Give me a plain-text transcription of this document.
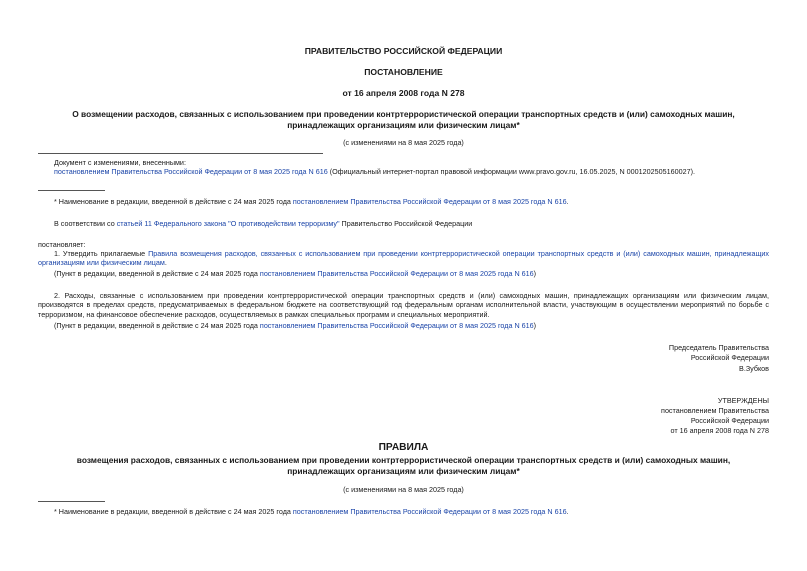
ПРАВИТЕЛЬСТВО РОССИЙСКОЙ ФЕДЕРАЦИИ
ПОСТАНОВЛЕНИЕ
от 16 апреля 2008 года N 278
О возмещении расходов, связанных с использованием при проведении контртеррористической операции транспортных средств и (или) самоходных машин,
принадлежащих организациям или физическим лицам*
(с изменениями на 8 мая 2025 года)
Документ с изменениями, внесенными:
постановлением Правительства Российской Федерации от 8 мая 2025 года N 616 (Официальный интернет-портал правовой информации www.pravo.gov.ru, 16.05.2025, N 0001202505160027).
* Наименование в редакции, введенной в действие с 24 мая 2025 года постановлением Правительства Российской Федерации от 8 мая 2025 года N 616.
В соответствии со статьей 11 Федерального закона "О противодействии терроризму" Правительство Российской Федерации
постановляет:
1. Утвердить прилагаемые Правила возмещения расходов, связанных с использованием при проведении контртеррористической операции транспортных средств и (или) самоходных машин, принадлежащих организациям или физическим лицам.
(Пункт в редакции, введенной в действие с 24 мая 2025 года постановлением Правительства Российской Федерации от 8 мая 2025 года N 616)
2. Расходы, связанные с использованием при проведении контртеррористической операции транспортных средств и (или) самоходных машин, принадлежащих организациям или физическим лицам, производятся в пределах средств, предусматриваемых в федеральном бюджете на соответствующий год федеральным органам исполнительной власти, участвующим в осуществлении мероприятий по борьбе с терроризмом, на финансовое обеспечение расходов, осуществляемых в рамках специальных программ и специальных мероприятий.
(Пункт в редакции, введенной в действие с 24 мая 2025 года постановлением Правительства Российской Федерации от 8 мая 2025 года N 616)
Председатель Правительства
Российской Федерации
В.Зубков
УТВЕРЖДЕНЫ
постановлением Правительства
Российской Федерации
от 16 апреля 2008 года N 278
ПРАВИЛА
возмещения расходов, связанных с использованием при проведении контртеррористической операции транспортных средств и (или) самоходных машин,
принадлежащих организациям или физическим лицам*
(с изменениями на 8 мая 2025 года)
* Наименование в редакции, введенной в действие с 24 мая 2025 года постановлением Правительства Российской Федерации от 8 мая 2025 года N 616.
